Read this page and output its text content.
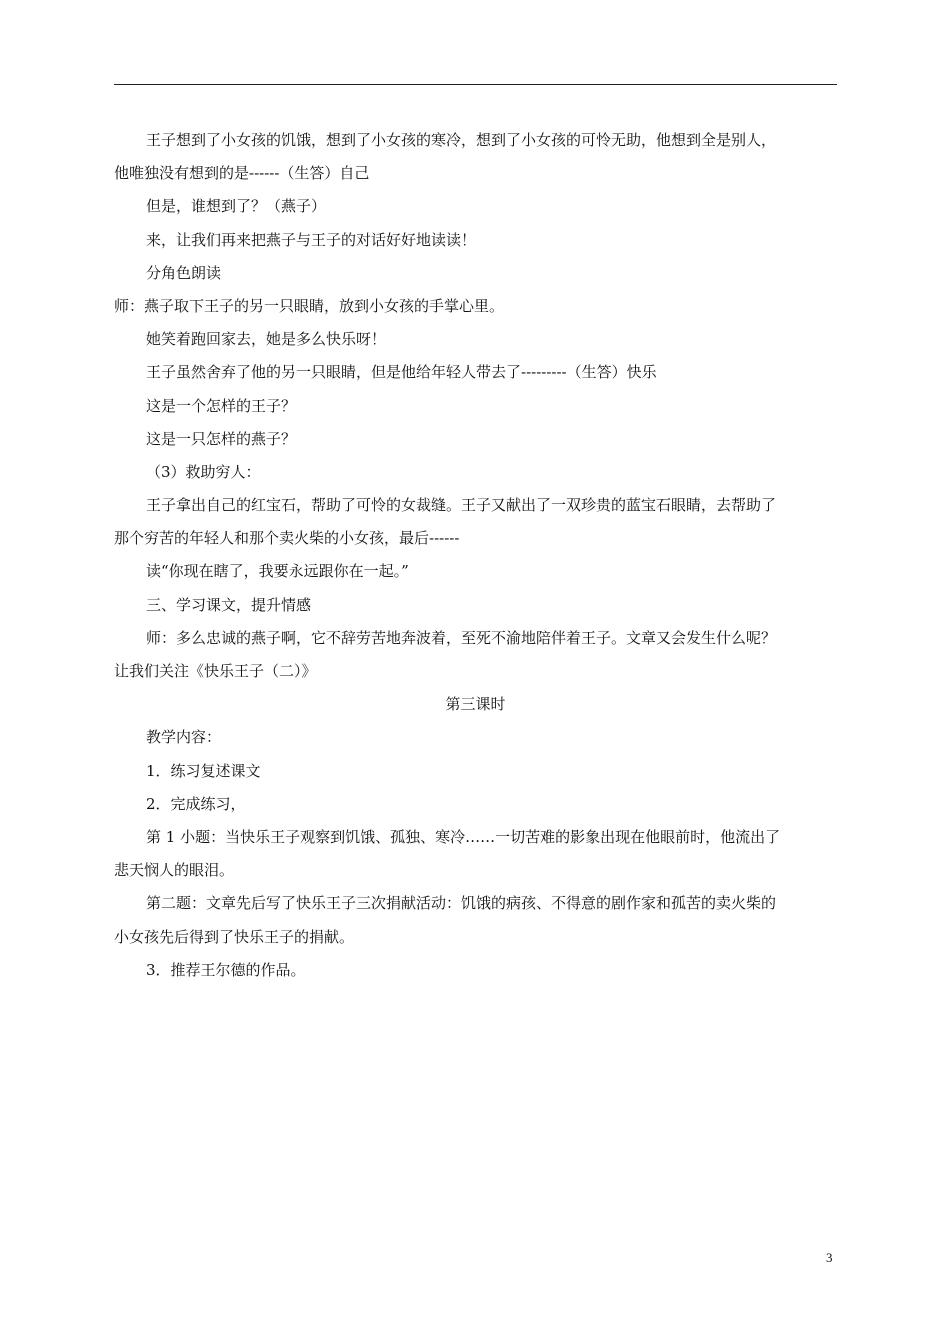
王子想到了小女孩的饥饿，想到了小女孩的寒冷，想到了小女孩的可怜无助，他想到全是别人，
他唯独没有想到的是------（生答）自己
但是，谁想到了？（燕子）
来，让我们再来把燕子与王子的对话好好地读读！
分角色朗读
师：燕子取下王子的另一只眼睛，放到小女孩的手掌心里。
她笑着跑回家去，她是多么快乐呀！
王子虽然舍弃了他的另一只眼睛，但是他给年轻人带去了---------（生答）快乐
这是一个怎样的王子？
这是一只怎样的燕子？
（3）救助穷人：
王子拿出自己的红宝石，帮助了可怜的女裁缝。王子又献出了一双珍贵的蓝宝石眼睛，去帮助了
那个穷苦的年轻人和那个卖火柴的小女孩，最后------
读“你现在瞎了，我要永远跟你在一起。”
三、学习课文，提升情感
师：多么忠诚的燕子啊，它不辞劳苦地奔波着，至死不渝地陪伴着王子。文章又会发生什么呢？
让我们关注《快乐王子（二）》
第三课时
教学内容：
1．练习复述课文
2．完成练习，
第 1 小题：当快乐王子观察到饥饿、孤独、寒冷……一切苦难的影象出现在他眼前时，他流出了
悲天悯人的眼泪。
第二题：文章先后写了快乐王子三次捐献活动：饥饿的病孩、不得意的剧作家和孤苦的卖火柴的
小女孩先后得到了快乐王子的捐献。
3．推荐王尔德的作品。
3
